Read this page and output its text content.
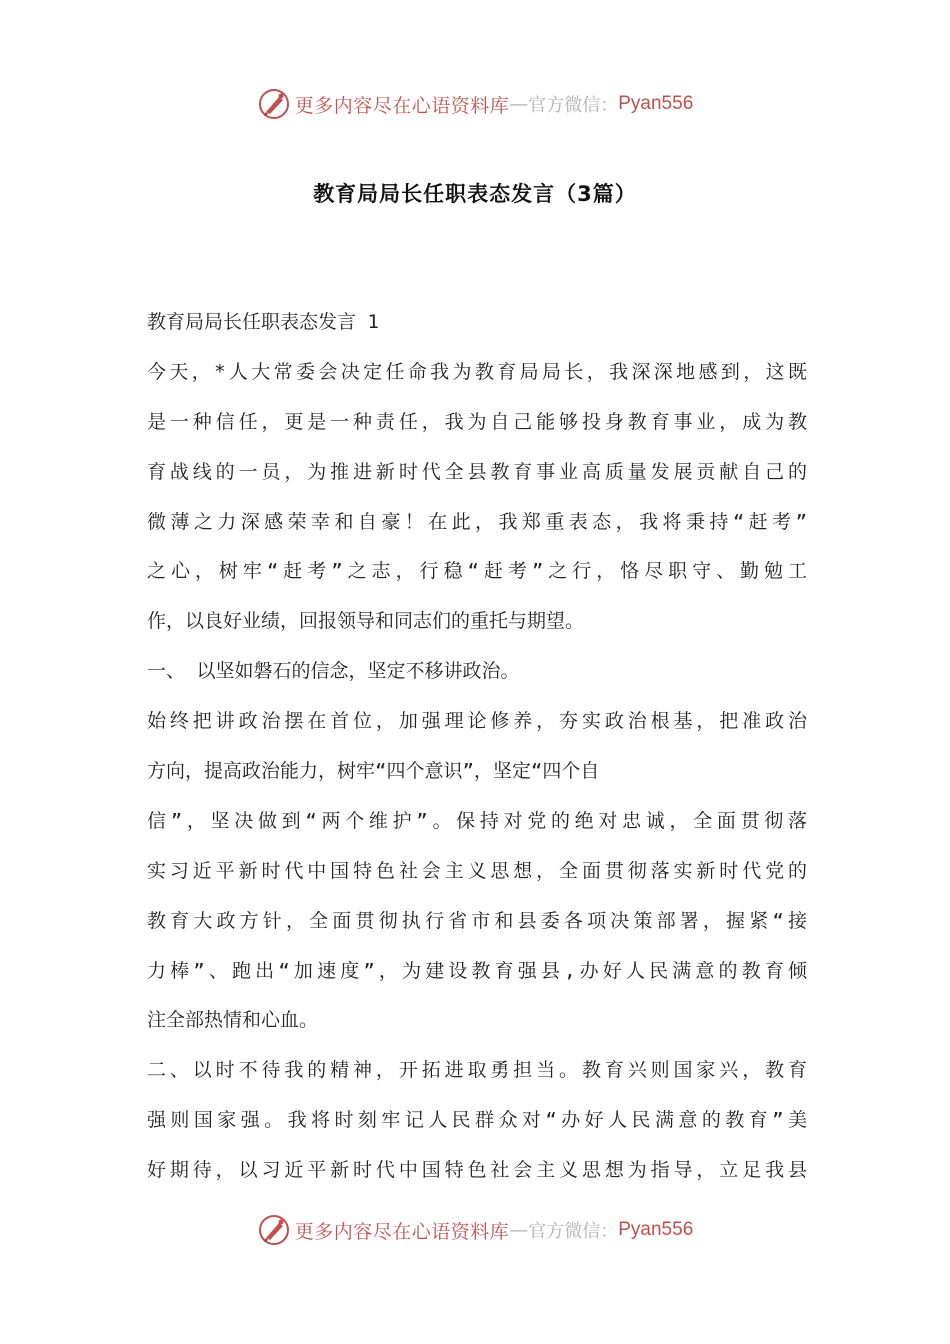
更多内容尽在心语资料库 — 官方微信： Pyan556
教育局局长任职表态发言（3篇）
教育局局长任职表态发言 1
今天，*人大常委会决定任命我为教育局局长，我深深地感到，这既
是一种信任，更是一种责任，我为自己能够投身教育事业，成为教
育战线的一员，为推进新时代全县教育事业高质量发展贡献自己的
微薄之力深感荣幸和自豪！在此，我郑重表态，我将秉持“赶考”
之心，树牢“赶考”之志，行稳“赶考”之行，恪尽职守、勤勉工
作，以良好业绩，回报领导和同志们的重托与期望。
一、 以坚如磐石的信念，坚定不移讲政治。
始终把讲政治摆在首位，加强理论修养，夯实政治根基，把准政治
方向，提高政治能力，树牢“四个意识”，坚定“四个自
信”，坚决做到“两个维护”。保持对党的绝对忠诚，全面贯彻落
实习近平新时代中国特色社会主义思想，全面贯彻落实新时代党的
教育大政方针，全面贯彻执行省市和县委各项决策部署，握紧“接
力棒”、跑出“加速度”，为建设教育强县,办好人民满意的教育倾
注全部热情和心血。
二、以时不待我的精神，开拓进取勇担当。教育兴则国家兴，教育
强则国家强。我将时刻牢记人民群众对“办好人民满意的教育”美
好期待，以习近平新时代中国特色社会主义思想为指导，立足我县
更多内容尽在心语资料库 — 官方微信： Pyan556
